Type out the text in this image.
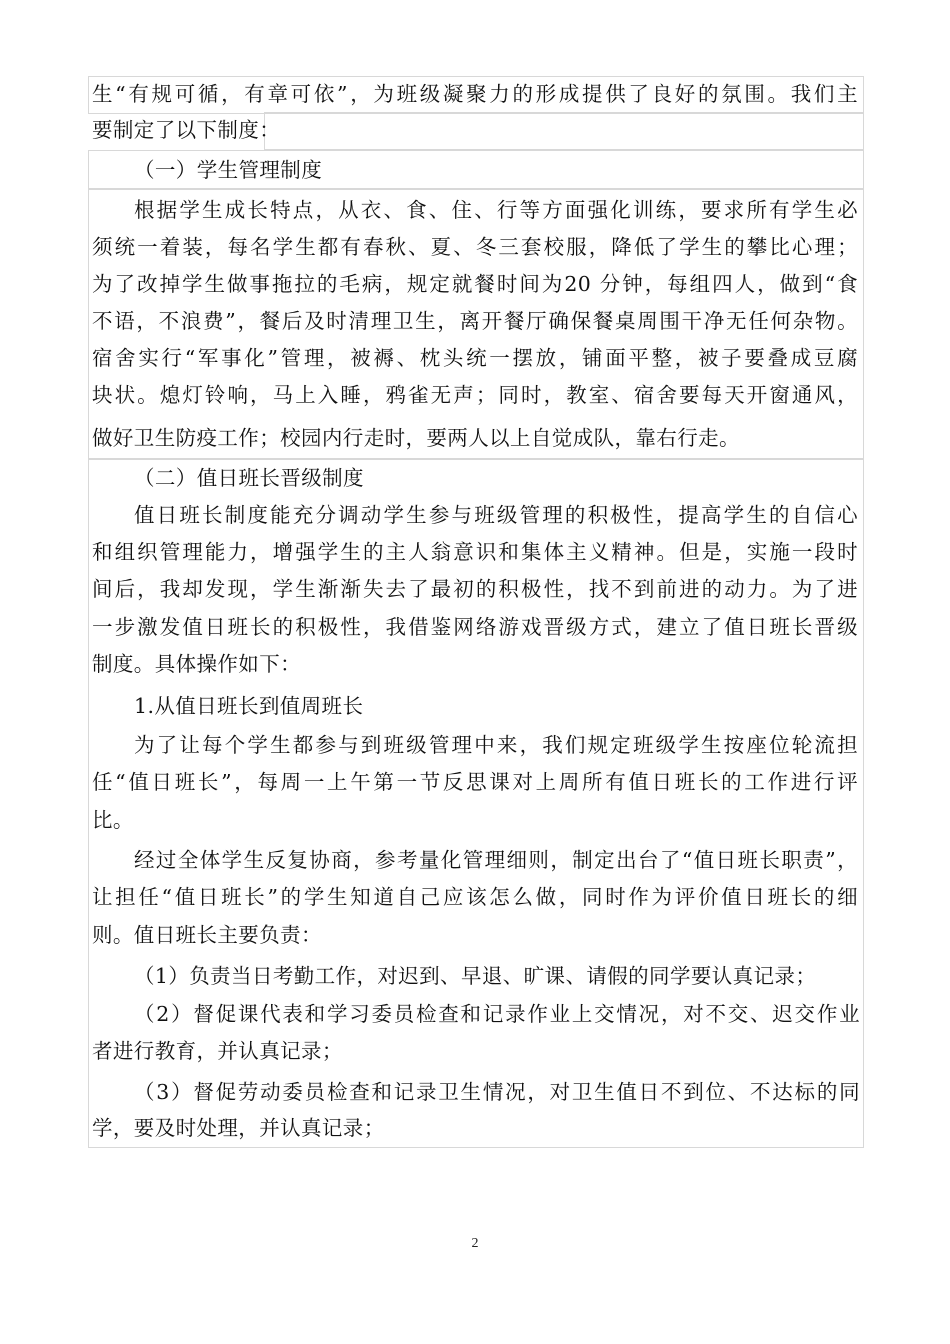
生“有规可循，有章可依”，为班级凝聚力的形成提供了良好的氛围。我们主
要制定了以下制度：
（一）学生管理制度
根据学生成长特点，从衣、食、住、行等方面强化训练，要求所有学生必
须统一着装，每名学生都有春秋、夏、冬三套校服，降低了学生的攀比心理；
为了改掉学生做事拖拉的毛病，规定就餐时间为20 分钟，每组四人，做到“食
不语，不浪费”，餐后及时清理卫生，离开餐厅确保餐桌周围干净无任何杂物。
宿舍实行“军事化”管理，被褥、枕头统一摆放，铺面平整，被子要叠成豆腐
块状。熄灯铃响，马上入睡，鸦雀无声；同时，教室、宿舍要每天开窗通风，
做好卫生防疫工作；校园内行走时，要两人以上自觉成队，靠右行走。
（二）值日班长晋级制度
值日班长制度能充分调动学生参与班级管理的积极性，提高学生的自信心
和组织管理能力，增强学生的主人翁意识和集体主义精神。但是，实施一段时
间后，我却发现，学生渐渐失去了最初的积极性，找不到前进的动力。为了进
一步激发值日班长的积极性，我借鉴网络游戏晋级方式，建立了值日班长晋级
制度。具体操作如下：
1.从值日班长到值周班长
为了让每个学生都参与到班级管理中来，我们规定班级学生按座位轮流担
任“值日班长”，每周一上午第一节反思课对上周所有值日班长的工作进行评
比。
经过全体学生反复协商，参考量化管理细则，制定出台了“值日班长职责”，
让担任“值日班长”的学生知道自己应该怎么做，同时作为评价值日班长的细
则。值日班长主要负责：
（1）负责当日考勤工作，对迟到、早退、旷课、请假的同学要认真记录；
（2）督促课代表和学习委员检查和记录作业上交情况，对不交、迟交作业
者进行教育，并认真记录；
（3）督促劳动委员检查和记录卫生情况，对卫生值日不到位、不达标的同
学，要及时处理，并认真记录；
2
